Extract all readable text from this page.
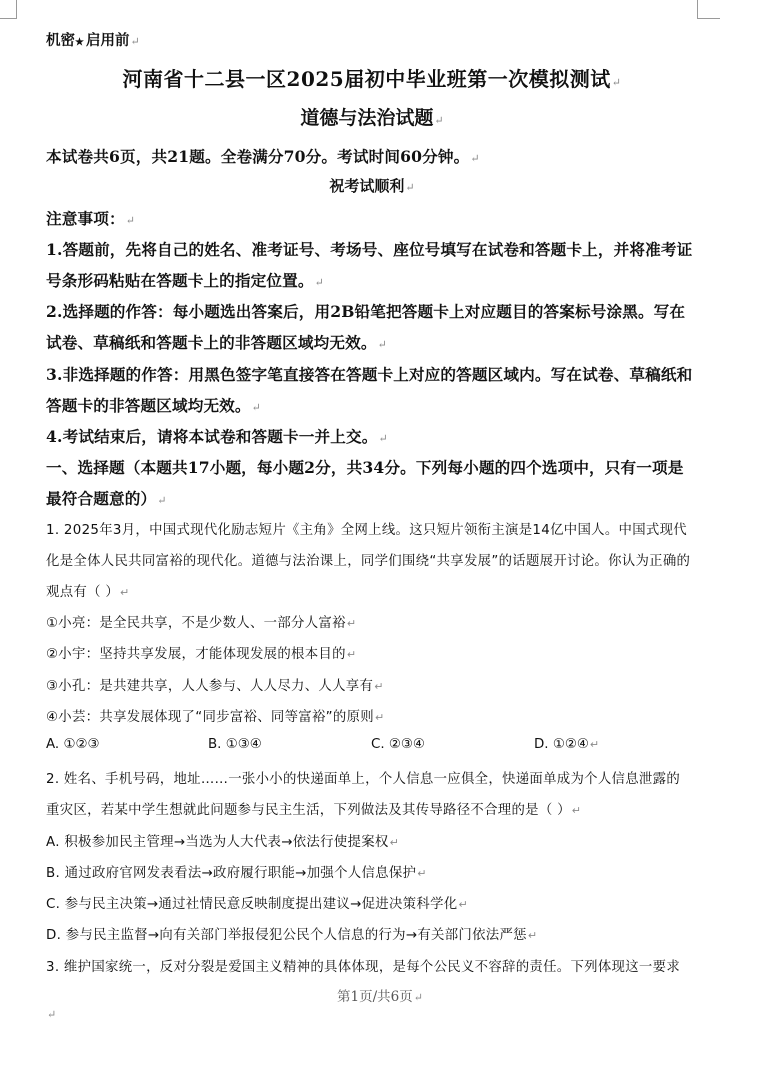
机密★ 启用前↵
河南省十二县一区2025届初中毕业班第一次模拟测试↵
道德与法治试题↵
本试卷共6页，共21题。全卷满分70分。考试时间60分钟。↵
祝考试顺利↵
注意事项：↵
1.答题前，先将自己的姓名、准考证号、考场号、座位号填写在试卷和答题卡上，并将准考证
号条形码粘贴在答题卡上的指定位置。↵
2.选择题的作答：每小题选出答案后，用2B铅笔把答题卡上对应题目的答案标号涂黑。写在
试卷、草稿纸和答题卡上的非答题区域均无效。↵
3.非选择题的作答：用黑色签字笔直接答在答题卡上对应的答题区域内。写在试卷、草稿纸和
答题卡的非答题区域均无效。↵
4.考试结束后，请将本试卷和答题卡一并上交。↵
一、选择题（本题共17小题，每小题2分，共34分。下列每小题的四个选项中，只有一项是
最符合题意的）↵
1. 2025年3月，中国式现代化励志短片《主角》全网上线。这只短片领衔主演是14亿中国人。中国式现代
化是全体人民共同富裕的现代化。道德与法治课上，同学们围绕“共享发展”的话题展开讨论。你认为正确的
观点有（ ）↵
①小亮：是全民共享，不是少数人、一部分人富裕↵
②小宇：坚持共享发展，才能体现发展的根本目的↵
③小孔：是共建共享，人人参与、人人尽力、人人享有↵
④小芸：共享发展体现了“同步富裕、同等富裕”的原则↵
A. ①②③	B. ①③④	C. ②③④	D. ①②④↵
2. 姓名、手机号码，地址……一张小小的快递面单上，个人信息一应俱全，快递面单成为个人信息泄露的
重灾区，若某中学生想就此问题参与民主生活，下列做法及其传导路径不合理的是（ ）↵
A. 积极参加民主管理→当选为人大代表→依法行使提案权↵
B. 通过政府官网发表看法→政府履行职能→加强个人信息保护↵
C. 参与民主决策→通过社情民意反映制度提出建议→促进决策科学化↵
D. 参与民主监督→向有关部门举报侵犯公民个人信息的行为→有关部门依法严惩↵
3. 维护国家统一，反对分裂是爱国主义精神的具体体现，是每个公民义不容辞的责任。下列体现这一要求
第1页/共6页↵
↵
